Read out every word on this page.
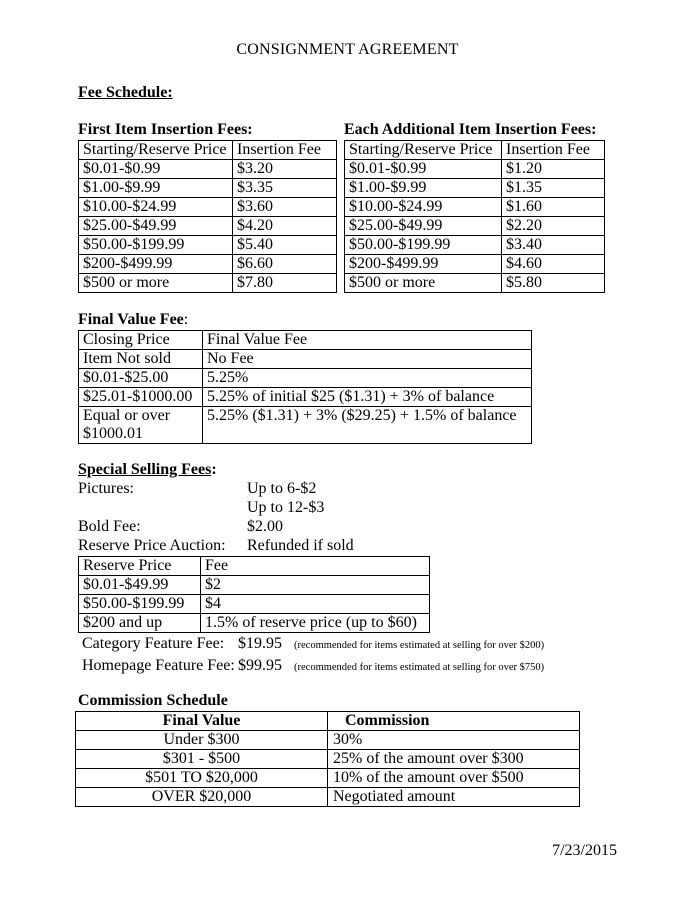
CONSIGNMENT AGREEMENT
Fee Schedule:
First Item Insertion Fees:
Starting/Reserve Price	Insertion Fee
$0.01-$0.99	$3.20
$1.00-$9.99	$3.35
$10.00-$24.99	$3.60
$25.00-$49.99	$4.20
$50.00-$199.99	$5.40
$200-$499.99	$6.60
$500 or more	$7.80
Each Additional Item Insertion Fees:
Starting/Reserve Price	Insertion Fee
$0.01-$0.99	$1.20
$1.00-$9.99	$1.35
$10.00-$24.99	$1.60
$25.00-$49.99	$2.20
$50.00-$199.99	$3.40
$200-$499.99	$4.60
$500 or more	$5.80
Final Value Fee:
Closing Price	Final Value Fee
Item Not sold	No Fee
$0.01-$25.00	5.25%
$25.01-$1000.00	5.25% of initial $25 ($1.31) + 3% of balance
Equal or over $1000.01	5.25% ($1.31) + 3% ($29.25) + 1.5% of balance
Special Selling Fees:
Pictures:	Up to 6-$2
Up to 12-$3
Bold Fee:	$2.00
Reserve Price Auction: Refunded if sold
Reserve Price	Fee
$0.01-$49.99	$2
$50.00-$199.99	$4
$200 and up	1.5% of reserve price (up to $60)
Category Feature Fee: $19.95 (recommended for items estimated at selling for over $200)
Homepage Feature Fee: $99.95 (recommended for items estimated at selling for over $750)
Commission Schedule
Final Value	Commission
Under $300	30%
$301 - $500	25% of the amount over $300
$501 TO $20,000	10% of the amount over $500
OVER $20,000	Negotiated amount
7/23/2015
